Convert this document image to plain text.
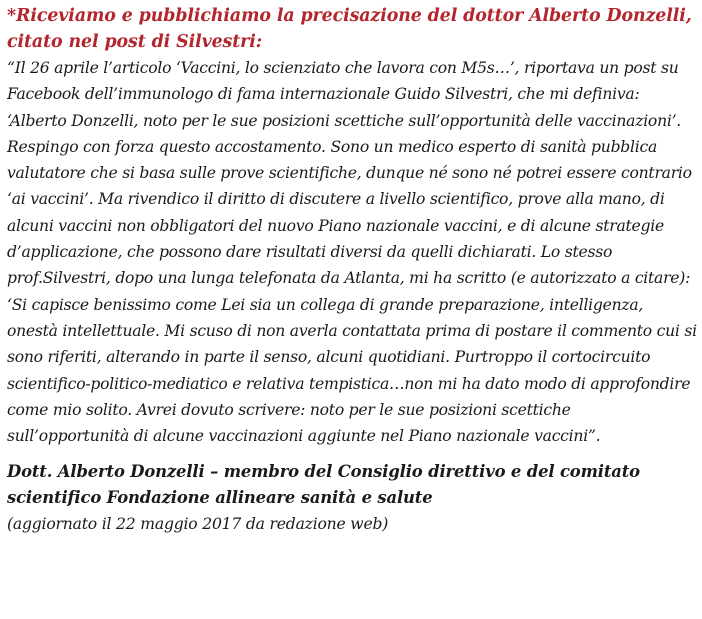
*Riceviamo e pubblichiamo la precisazione del dottor Alberto Donzelli, citato nel post di Silvestri:

“Il 26 aprile l’articolo ‘Vaccini, lo scienziato che lavora con M5s…’, riportava un post su Facebook dell’immunologo di fama internazionale Guido Silvestri, che mi definiva: ‘Alberto Donzelli, noto per le sue posizioni scettiche sull’opportunità delle vaccinazioni’. Respingo con forza questo accostamento. Sono un medico esperto di sanità pubblica valutatore che si basa sulle prove scientifiche, dunque né sono né potrei essere contrario ‘ai vaccini’. Ma rivendico il diritto di discutere a livello scientifico, prove alla mano, di alcuni vaccini non obbligatori del nuovo Piano nazionale vaccini, e di alcune strategie d’applicazione, che possono dare risultati diversi da quelli dichiarati. Lo stesso prof.Silvestri, dopo una lunga telefonata da Atlanta, mi ha scritto (e autorizzato a citare): ‘Si capisce benissimo come Lei sia un collega di grande preparazione, intelligenza, onestà intellettuale. Mi scuso di non averla contattata prima di postare il commento cui si sono riferiti, alterando in parte il senso, alcuni quotidiani. Purtroppo il cortocircuito scientifico-politico-mediatico e relativa tempistica…non mi ha dato modo di approfondire come mio solito. Avrei dovuto scrivere: noto per le sue posizioni scettiche sull’opportunità di alcune vaccinazioni aggiunte nel Piano nazionale vaccini”.

Dott. Alberto Donzelli – membro del Consiglio direttivo e del comitato scientifico Fondazione allineare sanità e salute

(aggiornato il 22 maggio 2017 da redazione web)
